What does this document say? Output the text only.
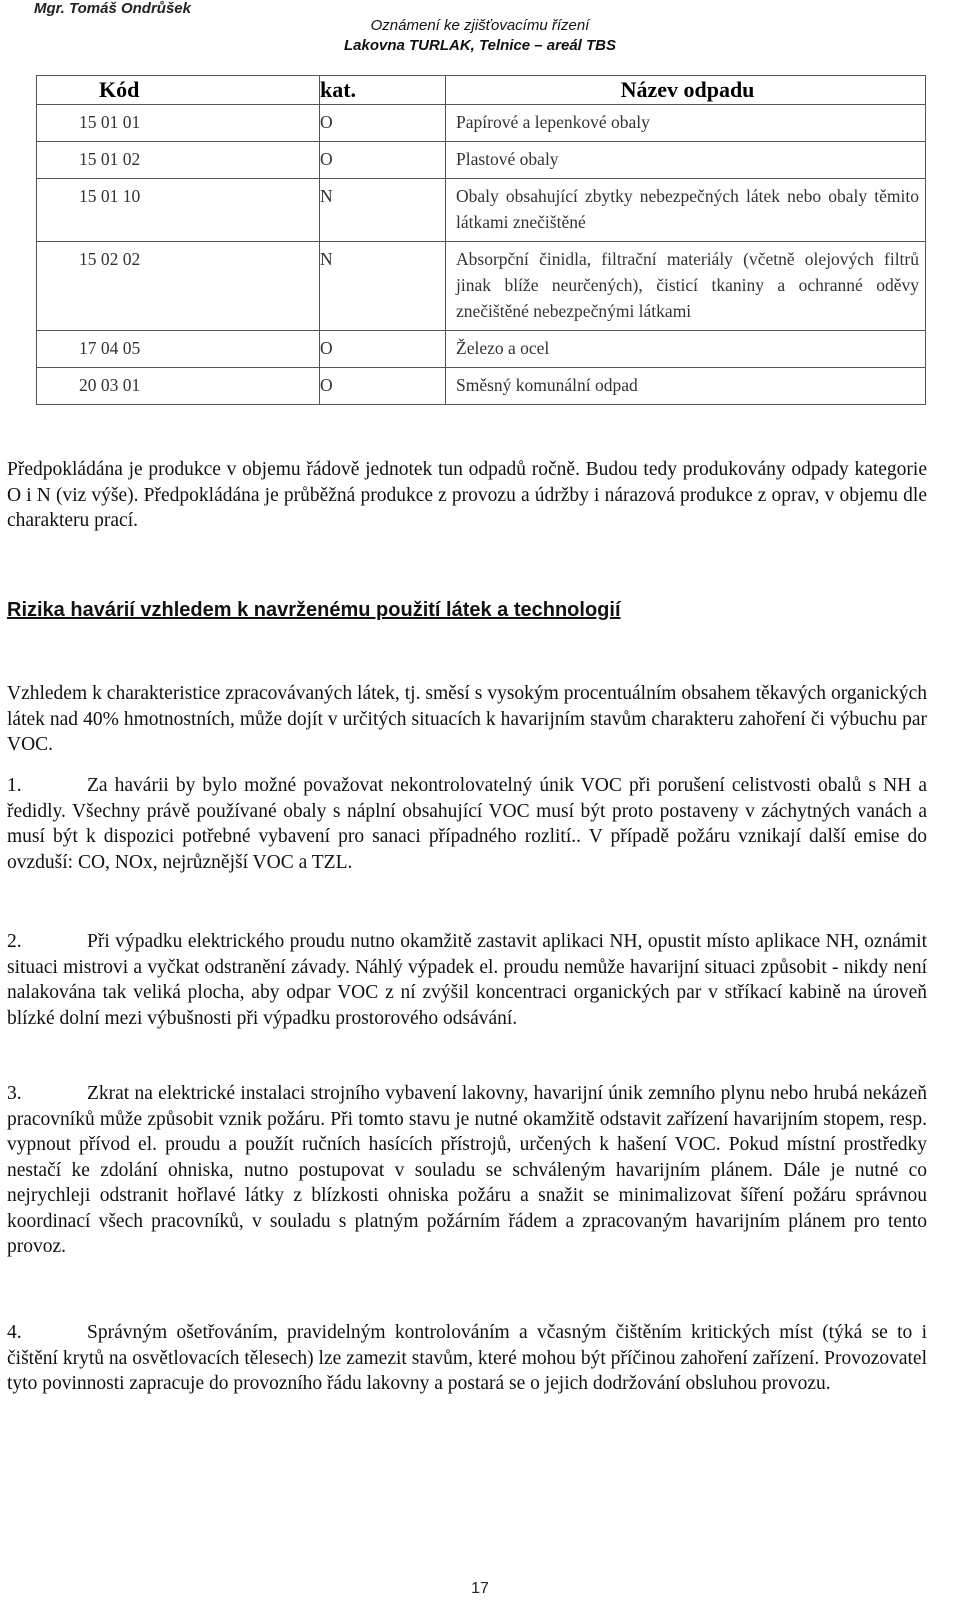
Mgr. Tomáš Ondrůšek
Oznámení ke zjišťovacímu řízení
Lakovna TURLAK, Telnice – areál TBS
Kód	kat.	Název odpadu
15 01 01	O	Papírové a lepenkové obaly
15 01 02	O	Plastové obaly
15 01 10	N	Obaly obsahující zbytky nebezpečných látek nebo obaly těmito látkami znečištěné
15 02 02	N	Absorpční činidla, filtrační materiály (včetně olejových filtrů jinak blíže neurčených), čisticí tkaniny a ochranné oděvy znečištěné nebezpečnými látkami
17 04 05	O	Železo a ocel
20 03 01	O	Směsný komunální odpad
Předpokládána je produkce v objemu řádově jednotek tun odpadů ročně. Budou tedy produkovány odpady kategorie O i N (viz výše). Předpokládána je průběžná produkce z provozu a údržby i nárazová produkce z oprav, v objemu dle charakteru prací.
Rizika havárií vzhledem k navrženému použití látek a technologií
Vzhledem k charakteristice zpracovávaných látek, tj. směsí s vysokým procentuálním obsahem těkavých organických látek nad 40% hmotnostních, může dojít v určitých situacích k havarijním stavům charakteru zahoření či výbuchu par VOC.
1.	Za havárii by bylo možné považovat nekontrolovatelný únik VOC při porušení celistvosti obalů s NH a ředidly. Všechny právě používané obaly s náplní obsahující VOC musí být proto postaveny v záchytných vanách a musí být k dispozici potřebné vybavení pro sanaci případného rozlití.. V případě požáru vznikají další emise do ovzduší: CO, NOx, nejrůznější VOC a TZL.
2.	Při výpadku elektrického proudu nutno okamžitě zastavit aplikaci NH, opustit místo aplikace NH, oznámit situaci mistrovi a vyčkat odstranění závady. Náhlý výpadek el. proudu nemůže havarijní situaci způsobit - nikdy není nalakována tak veliká plocha, aby odpar VOC z ní zvýšil koncentraci organických par v stříkací kabině na úroveň blízké dolní mezi výbušnosti při výpadku prostorového odsávání.
3.	Zkrat na elektrické instalaci strojního vybavení lakovny, havarijní únik zemního plynu nebo hrubá nekázeň pracovníků může způsobit vznik požáru. Při tomto stavu je nutné okamžitě odstavit zařízení havarijním stopem, resp. vypnout přívod el. proudu a použít ručních hasících přístrojů, určených k hašení VOC. Pokud místní prostředky nestačí ke zdolání ohniska, nutno postupovat v souladu se schváleným havarijním plánem. Dále je nutné co nejrychleji odstranit hořlavé látky z blízkosti ohniska požáru a snažit se minimalizovat šíření požáru správnou koordinací všech pracovníků, v souladu s platným požárním řádem a zpracovaným havarijním plánem pro tento provoz.
4.	Správným ošetřováním, pravidelným kontrolováním a včasným čištěním kritických míst (týká se to i čištění krytů na osvětlovacích tělesech) lze zamezit stavům, které mohou být příčinou zahoření zařízení. Provozovatel tyto povinnosti zapracuje do provozního řádu lakovny a postará se o jejich dodržování obsluhou provozu.
17
